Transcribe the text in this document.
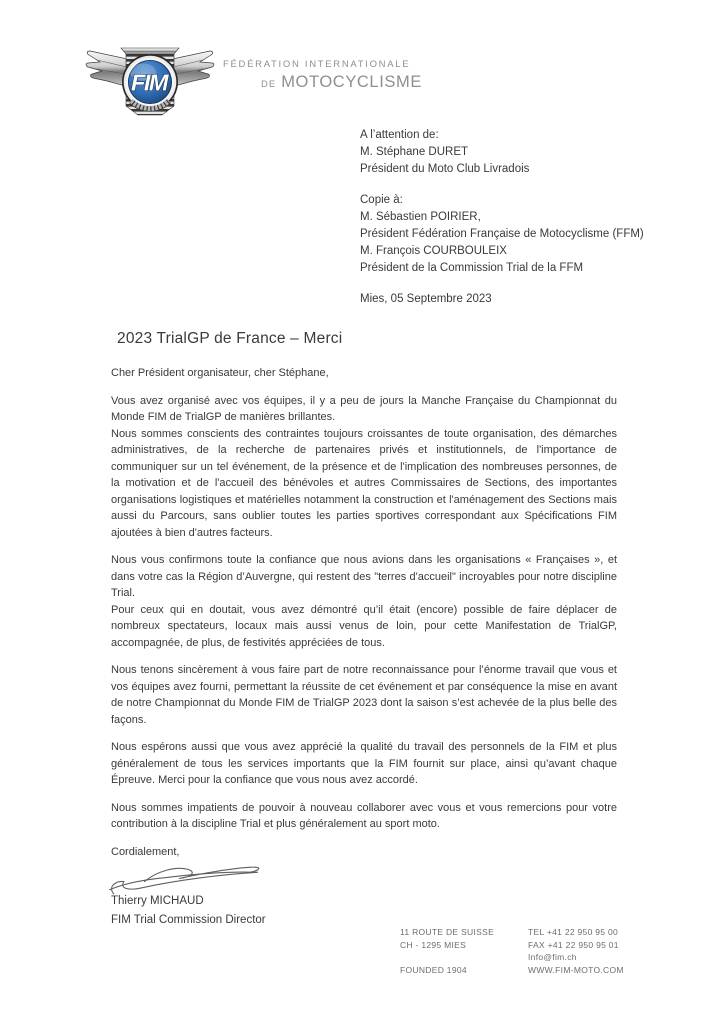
FIM
FÉDÉRATION INTERNATIONALE
DE MOTOCYCLISME
A l’attention de:
M. Stéphane DURET
Président du Moto Club Livradois
Copie à:
M. Sébastien POIRIER,
Président Fédération Française de Motocyclisme (FFM)
M. François COURBOULEIX
Président de la Commission Trial de la FFM
Mies, 05 Septembre 2023
2023 TrialGP de France – Merci

Cher Président organisateur, cher Stéphane,

Vous avez organisé avec vos équipes, il y a peu de jours la Manche Française du Championnat du Monde FIM de TrialGP de manières brillantes.

Nous sommes conscients des contraintes toujours croissantes de toute organisation, des démarches administratives, de la recherche de partenaires privés et institutionnels, de l'importance de communiquer sur un tel événement, de la présence et de l'implication des nombreuses personnes, de la motivation et de l'accueil des bénévoles et autres Commissaires de Sections, des importantes organisations logistiques et matérielles notamment la construction et l'aménagement des Sections mais aussi du Parcours, sans oublier toutes les parties sportives correspondant aux Spécifications FIM ajoutées à bien d'autres facteurs.

Nous vous confirmons toute la confiance que nous avions dans les organisations « Françaises », et dans votre cas la Région d’Auvergne, qui restent des "terres d'accueil" incroyables pour notre discipline Trial.

Pour ceux qui en doutait, vous avez démontré qu’il était (encore) possible de faire déplacer de nombreux spectateurs, locaux mais aussi venus de loin, pour cette Manifestation de TrialGP, accompagnée, de plus, de festivités appréciées de tous.

Nous tenons sincèrement à vous faire part de notre reconnaissance pour l’énorme travail que vous et vos équipes avez fourni, permettant la réussite de cet événement et par conséquence la mise en avant de notre Championnat du Monde FIM de TrialGP 2023 dont la saison s’est achevée de la plus belle des façons.

Nous espérons aussi que vous avez apprécié la qualité du travail des personnels de la FIM et plus généralement de tous les services importants que la FIM fournit sur place, ainsi qu’avant chaque Épreuve. Merci pour la confiance que vous nous avez accordé.

Nous sommes impatients de pouvoir à nouveau collaborer avec vous et vous remercions pour votre contribution à la discipline Trial et plus généralement au sport moto.

Cordialement,

Thierry MICHAUD
FIM Trial Commission Director
11 ROUTE DE SUISSE
CH - 1295 MIES
FOUNDED 1904
TEL +41 22 950 95 00
FAX +41 22 950 95 01
Info@fim.ch
WWW.FIM-MOTO.COM
